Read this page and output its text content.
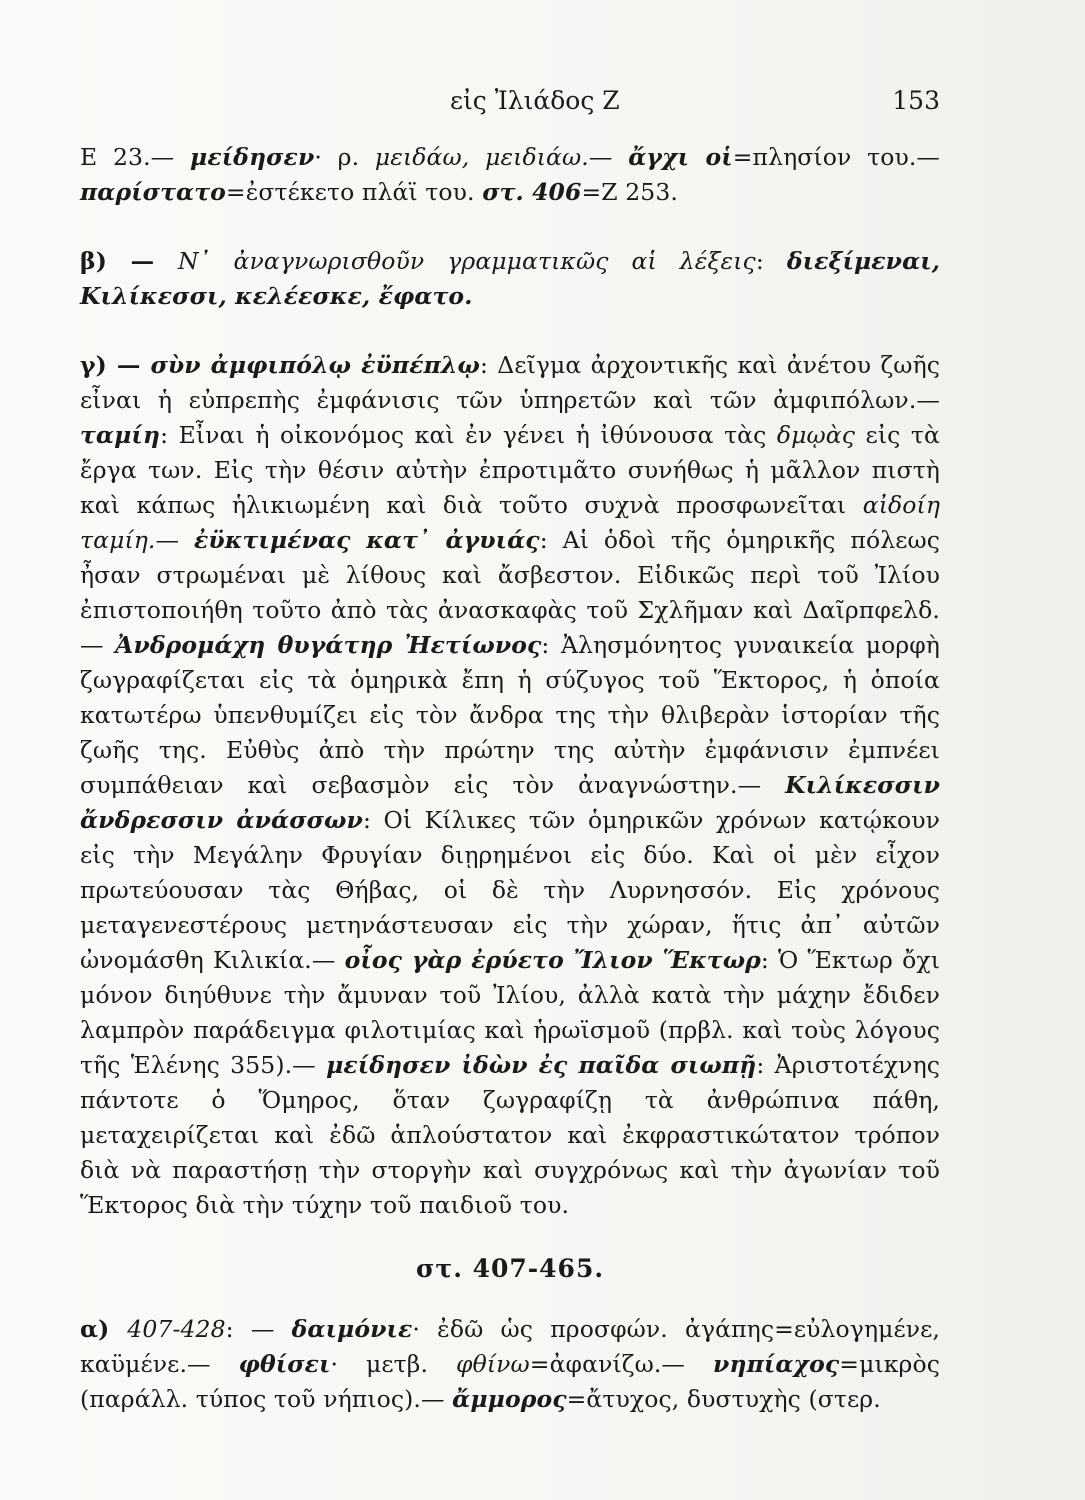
εἰς Ἰλιάδος Ζ	153

Ε 23.— μείδησεν· ρ. μειδάω, μειδιάω.— ἄγχι οἱ=πλησίον του.— παρίστατο=ἐστέκετο πλάϊ του. στ. 406=Ζ 253.

β) — Ν᾽ ἀναγνωρισθοῦν γραμματικῶς αἱ λέξεις: διεξίμεναι, Κιλίκεσσι, κελέεσκε, ἔφατο.

γ) — σὺν ἀμφιπόλῳ ἐϋπέπλῳ: Δεῖγμα ἀρχοντικῆς καὶ ἀνέτου ζωῆς εἶναι ἡ εὐπρεπὴς ἐμφάνισις τῶν ὑπηρετῶν καὶ τῶν ἀμφιπόλων.— ταμίη: Εἶναι ἡ οἰκονόμος καὶ ἐν γένει ἡ ἰθύνουσα τὰς δμῳὰς εἰς τὰ ἔργα των. Εἰς τὴν θέσιν αὐτὴν ἐπροτιμᾶτο συνήθως ἡ μᾶλλον πιστὴ καὶ κάπως ἡλικιωμένη καὶ διὰ τοῦτο συχνὰ προσφωνεῖται αἰδοίη ταμίη.— ἐϋκτιμένας κατ᾽ ἀγυιάς: Αἱ ὁδοὶ τῆς ὁμηρικῆς πόλεως ἦσαν στρωμέναι μὲ λίθους καὶ ἄσβεστον. Εἰδικῶς περὶ τοῦ Ἰλίου ἐπιστοποιήθη τοῦτο ἀπὸ τὰς ἀνασκαφὰς τοῦ Σχλῆμαν καὶ Δαῖρπφελδ.— Ἀνδρομάχη θυγάτηρ Ἠετίωνος: Ἀλησμόνητος γυναικεία μορφὴ ζωγραφίζεται εἰς τὰ ὁμηρικὰ ἔπη ἡ σύζυγος τοῦ Ἕκτορος, ἡ ὁποία κατωτέρω ὑπενθυμίζει εἰς τὸν ἄνδρα της τὴν θλιβερὰν ἱστορίαν τῆς ζωῆς της. Εὐθὺς ἀπὸ τὴν πρώτην της αὐτὴν ἐμφάνισιν ἐμπνέει συμπάθειαν καὶ σεβασμὸν εἰς τὸν ἀναγνώστην.— Κιλίκεσσιν ἄνδρεσσιν ἀνάσσων: Οἱ Κίλικες τῶν ὁμηρικῶν χρόνων κατῴκουν εἰς τὴν Μεγάλην Φρυγίαν διῃρημένοι εἰς δύο. Καὶ οἱ μὲν εἶχον πρωτεύουσαν τὰς Θήβας, οἱ δὲ τὴν Λυρνησσόν. Εἰς χρόνους μεταγενεστέρους μετηνάστευσαν εἰς τὴν χώραν, ἥτις ἀπ᾽ αὐτῶν ὠνομάσθη Κιλικία.— οἶος γὰρ ἐρύετο Ἴλιον Ἕκτωρ: Ὁ Ἕκτωρ ὄχι μόνον διηύθυνε τὴν ἄμυναν τοῦ Ἰλίου, ἀλλὰ κατὰ τὴν μάχην ἔδιδεν λαμπρὸν παράδειγμα φιλοτιμίας καὶ ἡρωϊσμοῦ (πρβλ. καὶ τοὺς λόγους τῆς Ἑλένης 355).— μείδησεν ἰδὼν ἐς παῖδα σιωπῇ: Ἀριστοτέχνης πάντοτε ὁ Ὅμηρος, ὅταν ζωγραφίζῃ τὰ ἀνθρώπινα πάθη, μεταχειρίζεται καὶ ἐδῶ ἁπλούστατον καὶ ἐκφραστικώτατον τρόπον διὰ νὰ παραστήσῃ τὴν στοργὴν καὶ συγχρόνως καὶ τὴν ἀγωνίαν τοῦ Ἕκτορος διὰ τὴν τύχην τοῦ παιδιοῦ του.

στ. 407-465.

α) 407-428: — δαιμόνιε· ἐδῶ ὡς προσφών. ἀγάπης=εὐλογημένε, καϋμένε.— φθίσει· μετβ. φθίνω=ἀφανίζω.— νηπίαχος=μικρὸς (παράλλ. τύπος τοῦ νήπιος).— ἄμμορος=ἄτυχος, δυστυχὴς (στερ.
